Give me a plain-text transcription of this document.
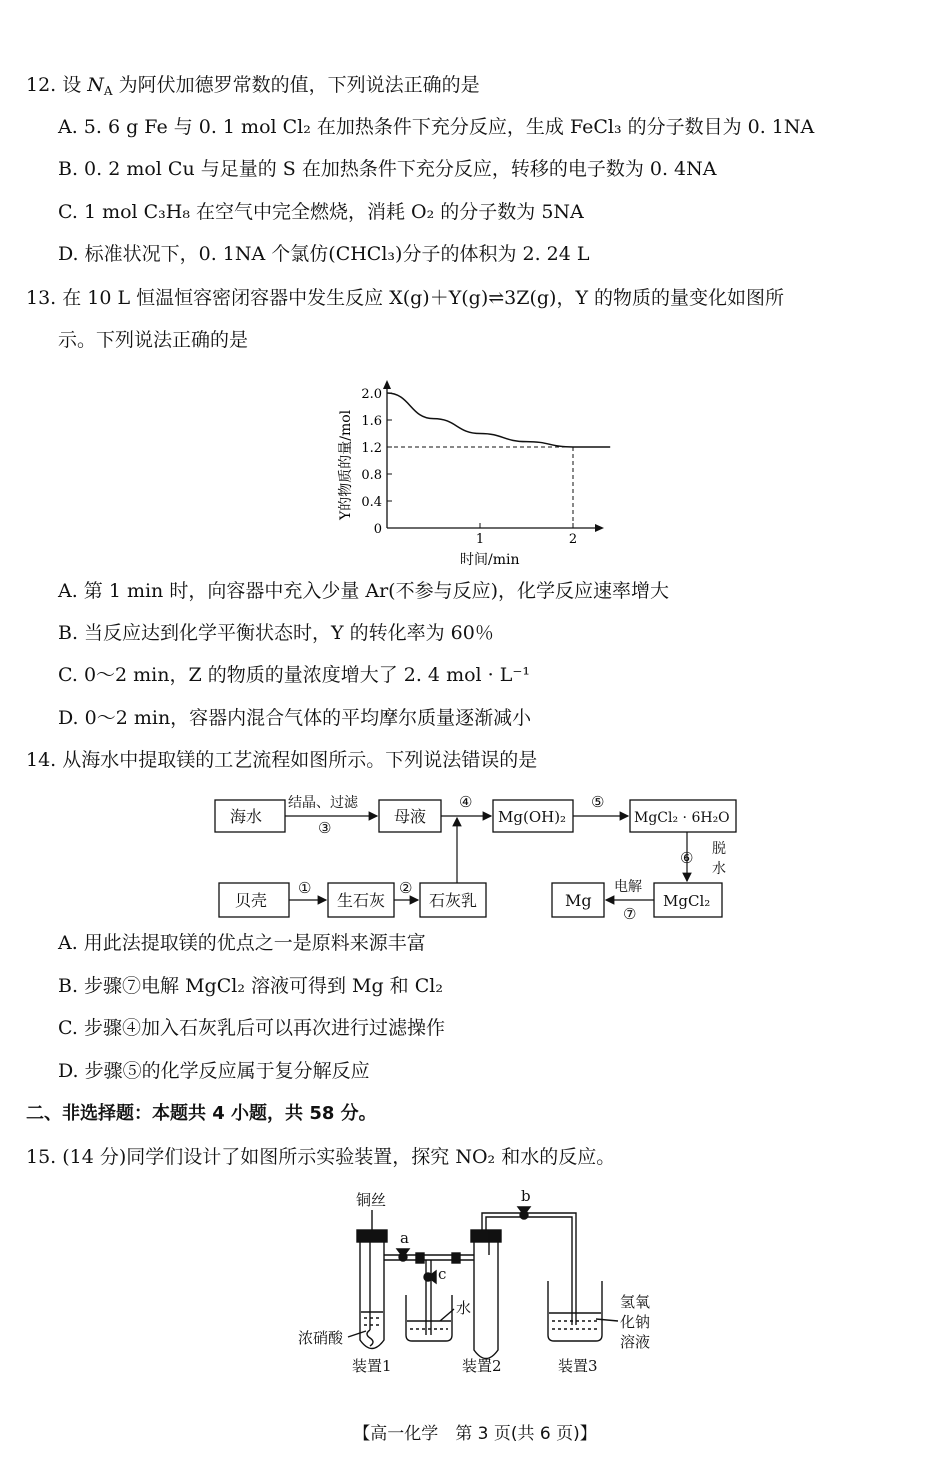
12. 设 $N_A$ 为阿伏加德罗常数的值，下列说法正确的是
A. 5. 6 g Fe 与 0. 1 mol Cl₂ 在加热条件下充分反应，生成 FeCl₃ 的分子数目为 0. 1NA
B. 0. 2 mol Cu 与足量的 S 在加热条件下充分反应，转移的电子数为 0. 4NA
C. 1 mol C₃H₈ 在空气中完全燃烧，消耗 O₂ 的分子数为 5NA
D. 标准状况下，0. 1NA 个氯仿(CHCl₃)分子的体积为 2. 24 L
13. 在 10 L 恒温恒容密闭容器中发生反应 X(g)＋Y(g)⇌3Z(g)，Y 的物质的量变化如图所
示。下列说法正确的是
Y的物质的量/mol
0
0.4
0.8
1.2
1.6
2.0
1	2
时间/min
A. 第 1 min 时，向容器中充入少量 Ar(不参与反应)，化学反应速率增大
B. 当反应达到化学平衡状态时，Y 的转化率为 60％
C. 0～2 min，Z 的物质的量浓度增大了 2. 4 mol · L⁻¹
D. 0～2 min，容器内混合气体的平均摩尔质量逐渐减小
14. 从海水中提取镁的工艺流程如图所示。下列说法错误的是
海水
结晶、过滤
③
母液
④
Mg(OH)₂
⑤
MgCl₂ · 6H₂O
⑥ 脱
水
贝壳
①
生石灰
②
石灰乳	Mg
电解
⑦
MgCl₂
A. 用此法提取镁的优点之一是原料来源丰富
B. 步骤⑦电解 MgCl₂ 溶液可得到 Mg 和 Cl₂
C. 步骤④加入石灰乳后可以再次进行过滤操作
D. 步骤⑤的化学反应属于复分解反应
二、非选择题：本题共 4 小题，共 58 分。
15. (14 分)同学们设计了如图所示实验装置，探究 NO₂ 和水的反应。
铜丝
浓硝酸
装置1
a
c
水
b
装置2
氢氧
化钠
溶液
装置3
【高一化学　第 3 页(共 6 页)】
